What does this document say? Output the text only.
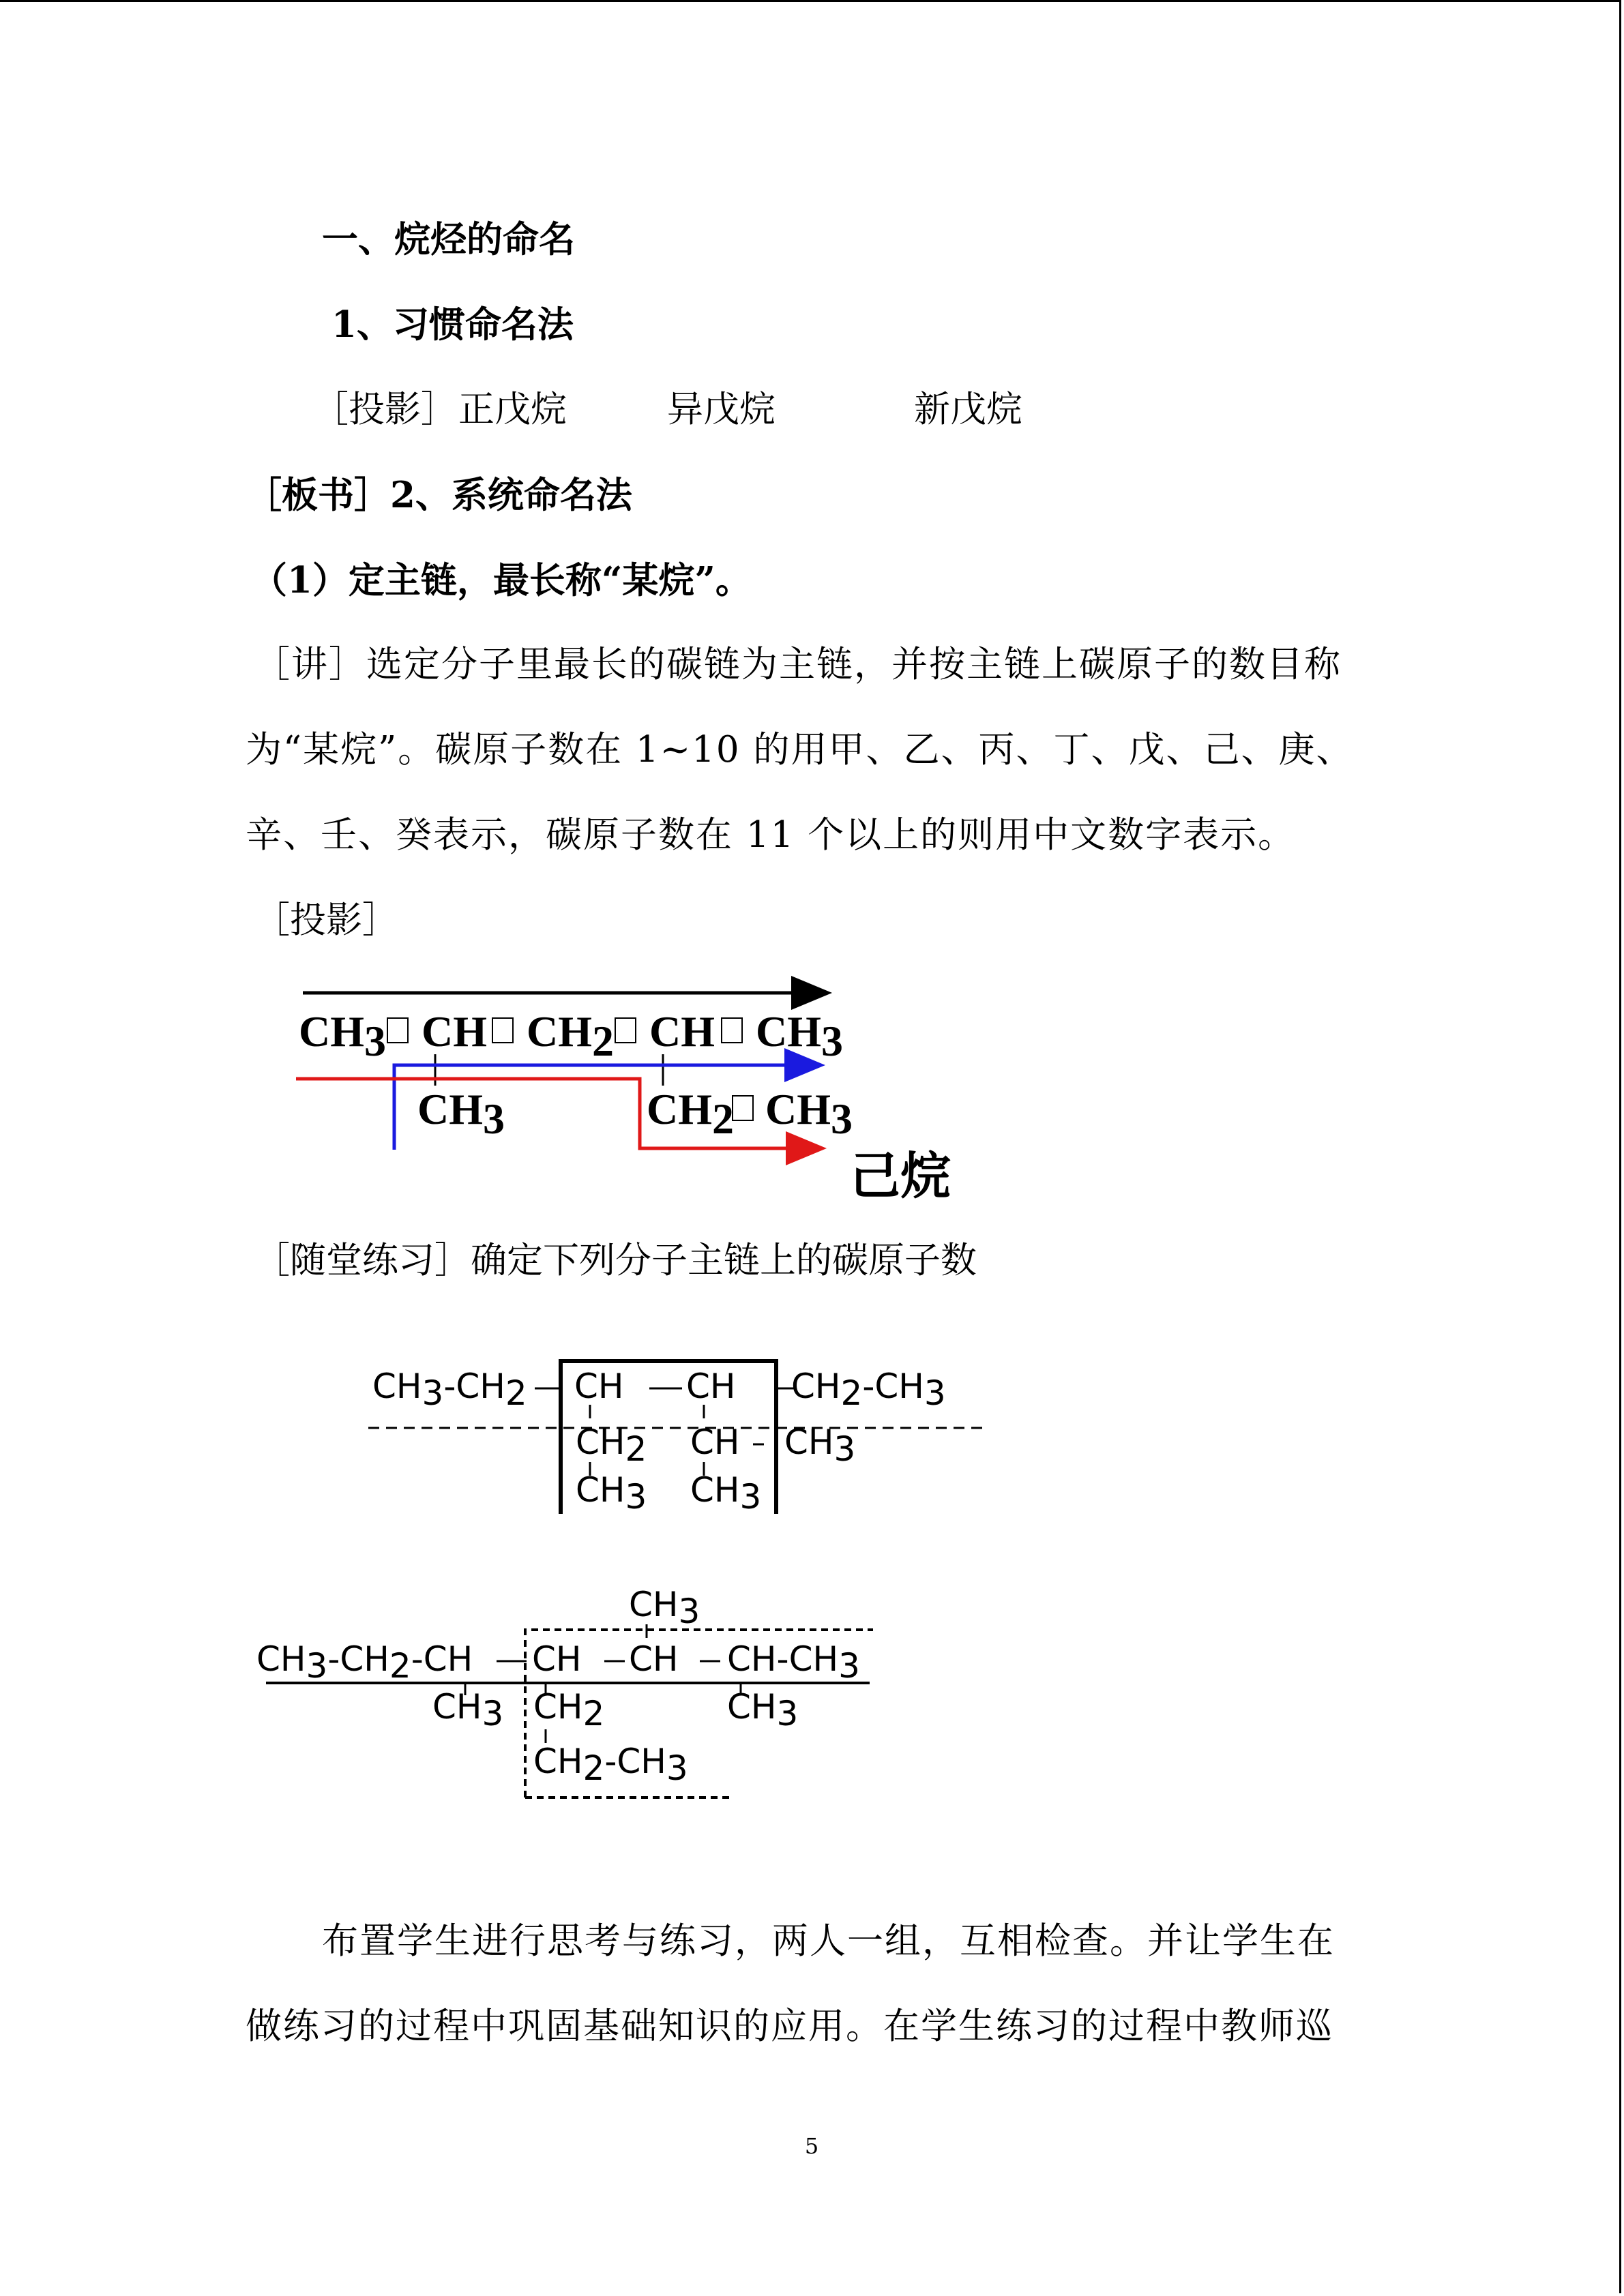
一、烷烃的命名
1、习惯命名法
［投影］ 正戊烷	异戊烷	新戊烷
［板书］2、系统命名法
（1）定主链，最长称“某烷”。
［讲］选定分子里最长的碳链为主链，并按主链上碳原子的数目称
为“某烷”。碳原子数在 1~10 的用甲、乙、丙、丁、戊、己、庚、
辛、壬、癸表示，碳原子数在 11 个以上的则用中文数字表示。
［投影］
CH3 CH CH2 CH CH3
CH3	CH2 CH3
己烷
［随堂练习］确定下列分子主链上的碳原子数
CH3-CH2 CH CH CH2-CH3
CH2 CH CH3
CH3 CH3
CH3
CH3-CH2-CH CH CH CH-CH3
CH3 CH2	CH3
CH2-CH3
布置学生进行思考与练习，两人一组，互相检查。并让学生在
做练习的过程中巩固基础知识的应用。在学生练习的过程中教师巡
5
